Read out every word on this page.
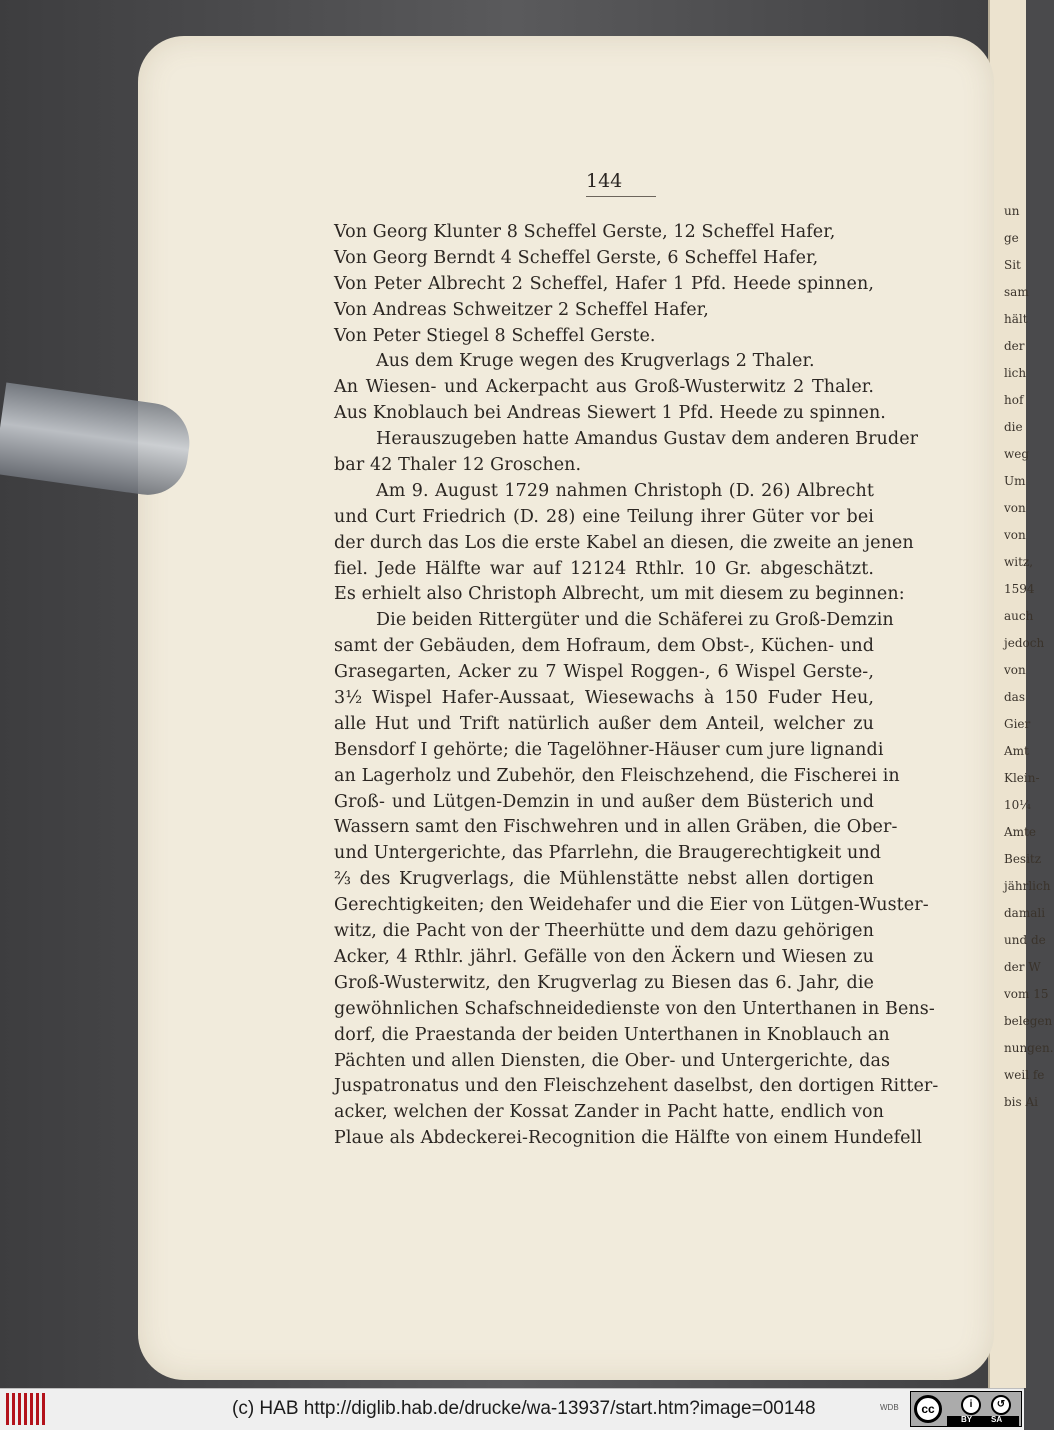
un
ge
Sit
sam
hält
der
lich
hof
die
weg
Um
von
von
witz,
1594
auch
jedoch
von
das
Gier
Amt
Klein-
10¼
Amte
Besitz
jährlich
damali
und de
der W
vom 15
belegen
nungen.
weil fe
bis Ai
144
Von Georg Klunter 8 Scheffel Gerste, 12 Scheffel Hafer,
Von Georg Berndt 4 Scheffel Gerste, 6 Scheffel Hafer,
Von Peter Albrecht 2 Scheffel, Hafer 1 Pfd. Heede spinnen,
Von Andreas Schweitzer 2 Scheffel Hafer,
Von Peter Stiegel 8 Scheffel Gerste.
Aus dem Kruge wegen des Krugverlags 2 Thaler.
An Wiesen- und Ackerpacht aus Groß-Wusterwitz 2 Thaler.
Aus Knoblauch bei Andreas Siewert 1 Pfd. Heede zu spinnen.
Herauszugeben hatte Amandus Gustav dem anderen Bruder
bar 42 Thaler 12 Groschen.
Am 9. August 1729 nahmen Christoph (D. 26) Albrecht
und Curt Friedrich (D. 28) eine Teilung ihrer Güter vor bei
der durch das Los die erste Kabel an diesen, die zweite an jenen
fiel. Jede Hälfte war auf 12124 Rthlr. 10 Gr. abgeschätzt.
Es erhielt also Christoph Albrecht, um mit diesem zu beginnen:
Die beiden Rittergüter und die Schäferei zu Groß-Demzin
samt der Gebäuden, dem Hofraum, dem Obst-, Küchen- und
Grasegarten, Acker zu 7 Wispel Roggen-, 6 Wispel Gerste-,
3½ Wispel Hafer-Aussaat, Wiesewachs à 150 Fuder Heu,
alle Hut und Trift natürlich außer dem Anteil, welcher zu
Bensdorf I gehörte; die Tagelöhner-Häuser cum jure lignandi
an Lagerholz und Zubehör, den Fleischzehend, die Fischerei in
Groß- und Lütgen-Demzin in und außer dem Büsterich und
Wassern samt den Fischwehren und in allen Gräben, die Ober-
und Untergerichte, das Pfarrlehn, die Braugerechtigkeit und
⅔ des Krugverlags, die Mühlenstätte nebst allen dortigen
Gerechtigkeiten; den Weidehafer und die Eier von Lütgen-Wuster-
witz, die Pacht von der Theerhütte und dem dazu gehörigen
Acker, 4 Rthlr. jährl. Gefälle von den Äckern und Wiesen zu
Groß-Wusterwitz, den Krugverlag zu Biesen das 6. Jahr, die
gewöhnlichen Schafschneidedienste von den Unterthanen in Bens-
dorf, die Praestanda der beiden Unterthanen in Knoblauch an
Pächten und allen Diensten, die Ober- und Untergerichte, das
Juspatronatus und den Fleischzehent daselbst, den dortigen Ritter-
acker, welchen der Kossat Zander in Pacht hatte, endlich von
Plaue als Abdeckerei-Recognition die Hälfte von einem Hundefell
(c) HAB http://diglib.hab.de/drucke/wa-13937/start.htm?image=00148	WDB	cc	i	↺
BY SA
